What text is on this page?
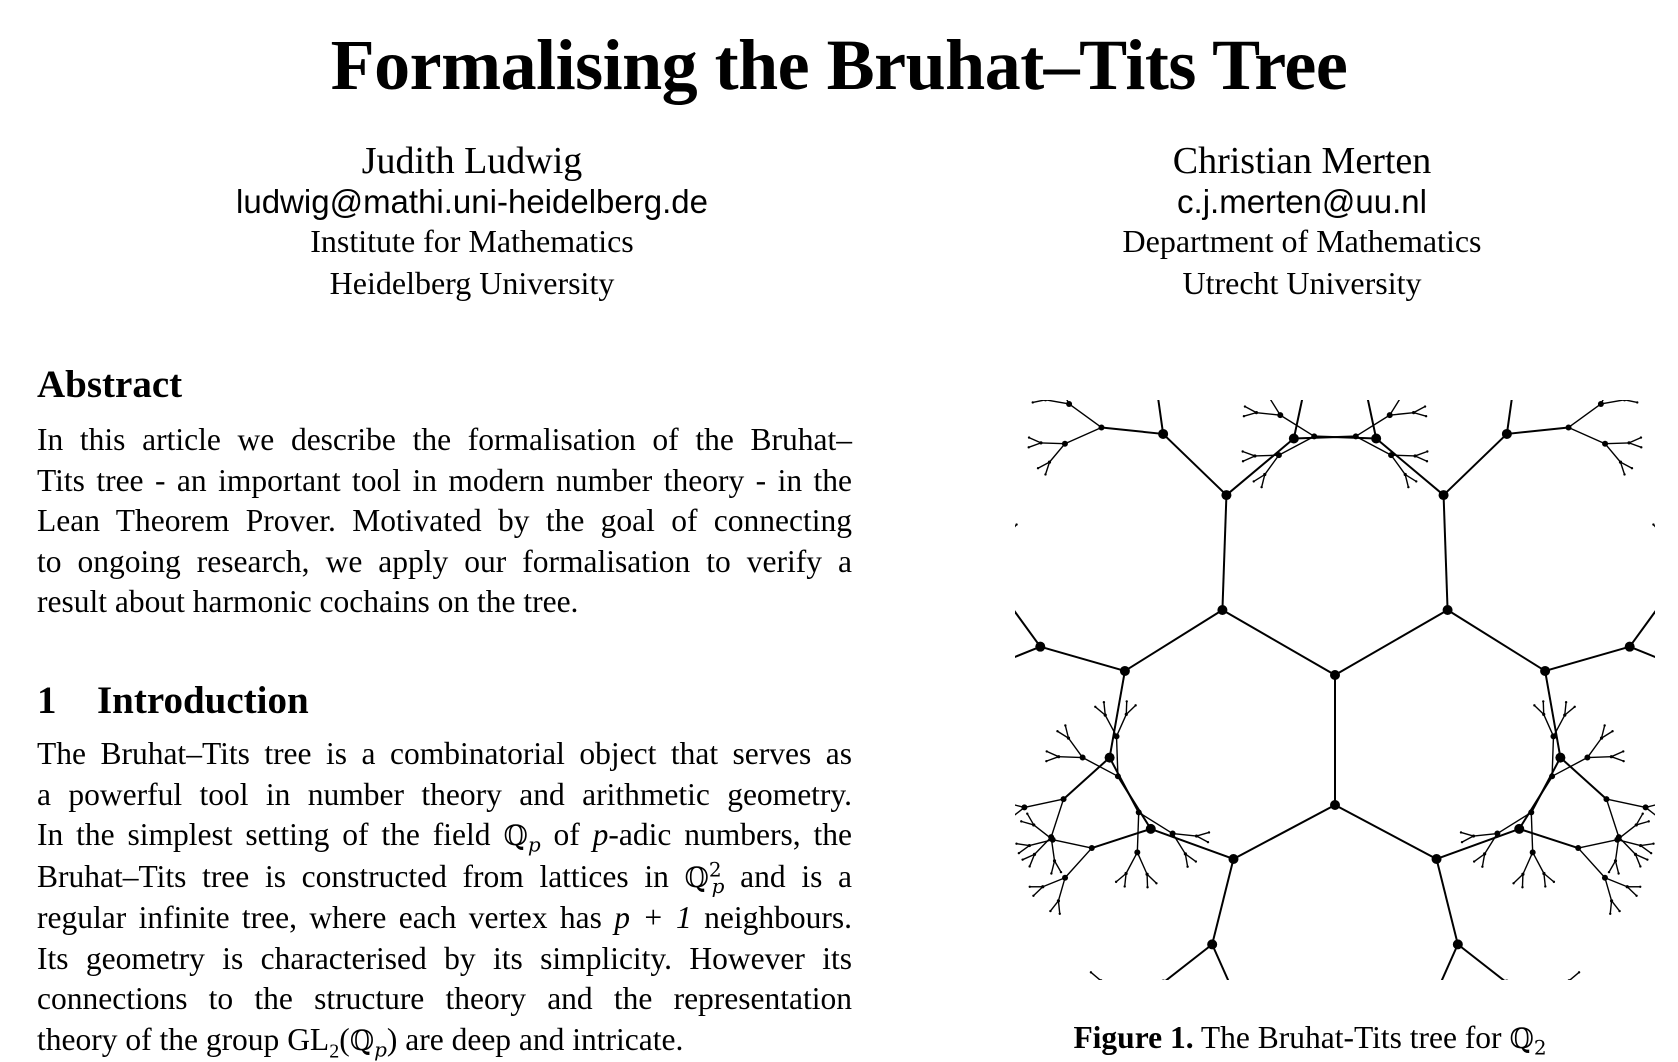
Formalising the Bruhat–Tits Tree
Judith Ludwig
ludwig@mathi.uni-heidelberg.de
Institute for Mathematics
Heidelberg University
Christian Merten
c.j.merten@uu.nl
Department of Mathematics
Utrecht University
Abstract
In this article we describe the formalisation of the Bruhat–
Tits tree - an important tool in modern number theory - in the
Lean Theorem Prover. Motivated by the goal of connecting
to ongoing research, we apply our formalisation to verify a
result about harmonic cochains on the tree.
1 Introduction
The Bruhat–Tits tree is a combinatorial object that serves as
a powerful tool in number theory and arithmetic geometry.
In the simplest setting of the field ℚ$_p$ of p-adic numbers, the
Bruhat–Tits tree is constructed from lattices in ℚ$^2_p$ and is a
regular infinite tree, where each vertex has p + 1 neighbours.
Its geometry is characterised by its simplicity. However its
connections to the structure theory and the representation
theory of the group $GL_2(ℚ_p)$ are deep and intricate.	Figure 1. The Bruhat-Tits tree for ℚ$_2$
